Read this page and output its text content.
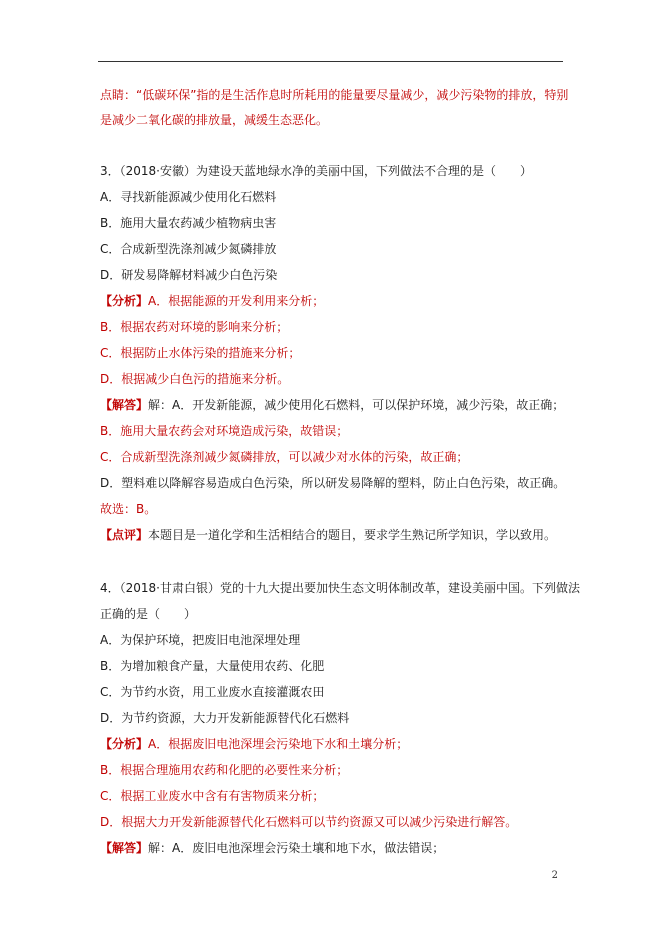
点睛：“低碳环保”指的是生活作息时所耗用的能量要尽量减少，减少污染物的排放，特别
是减少二氧化碳的排放量，减缓生态恶化。
3．（2018·安徽）为建设天蓝地绿水净的美丽中国，下列做法不合理的是（　　）
A．寻找新能源减少使用化石燃料
B．施用大量农药减少植物病虫害
C．合成新型洗涤剂减少氮磷排放
D．研发易降解材料减少白色污染
【分析】A．根据能源的开发利用来分析；
B．根据农药对环境的影响来分析；
C．根据防止水体污染的措施来分析；
D．根据减少白色污的措施来分析。
【解答】解：A．开发新能源，减少使用化石燃料，可以保护环境，减少污染，故正确；
B．施用大量农药会对环境造成污染，故错误；
C．合成新型洗涤剂减少氮磷排放，可以减少对水体的污染，故正确；
D．塑料难以降解容易造成白色污染，所以研发易降解的塑料，防止白色污染，故正确。
故选：B。
【点评】本题目是一道化学和生活相结合的题目，要求学生熟记所学知识，学以致用。
4．（2018·甘肃白银）党的十九大提出要加快生态文明体制改革，建设美丽中国。下列做法
正确的是（　　）
A．为保护环境，把废旧电池深埋处理
B．为增加粮食产量，大量使用农药、化肥
C．为节约水资，用工业废水直接灌溉农田
D．为节约资源，大力开发新能源替代化石燃料
【分析】A．根据废旧电池深埋会污染地下水和土壤分析；
B．根据合理施用农药和化肥的必要性来分析；
C．根据工业废水中含有有害物质来分析；
D．根据大力开发新能源替代化石燃料可以节约资源又可以减少污染进行解答。
【解答】解：A．废旧电池深埋会污染土壤和地下水，做法错误；
2
